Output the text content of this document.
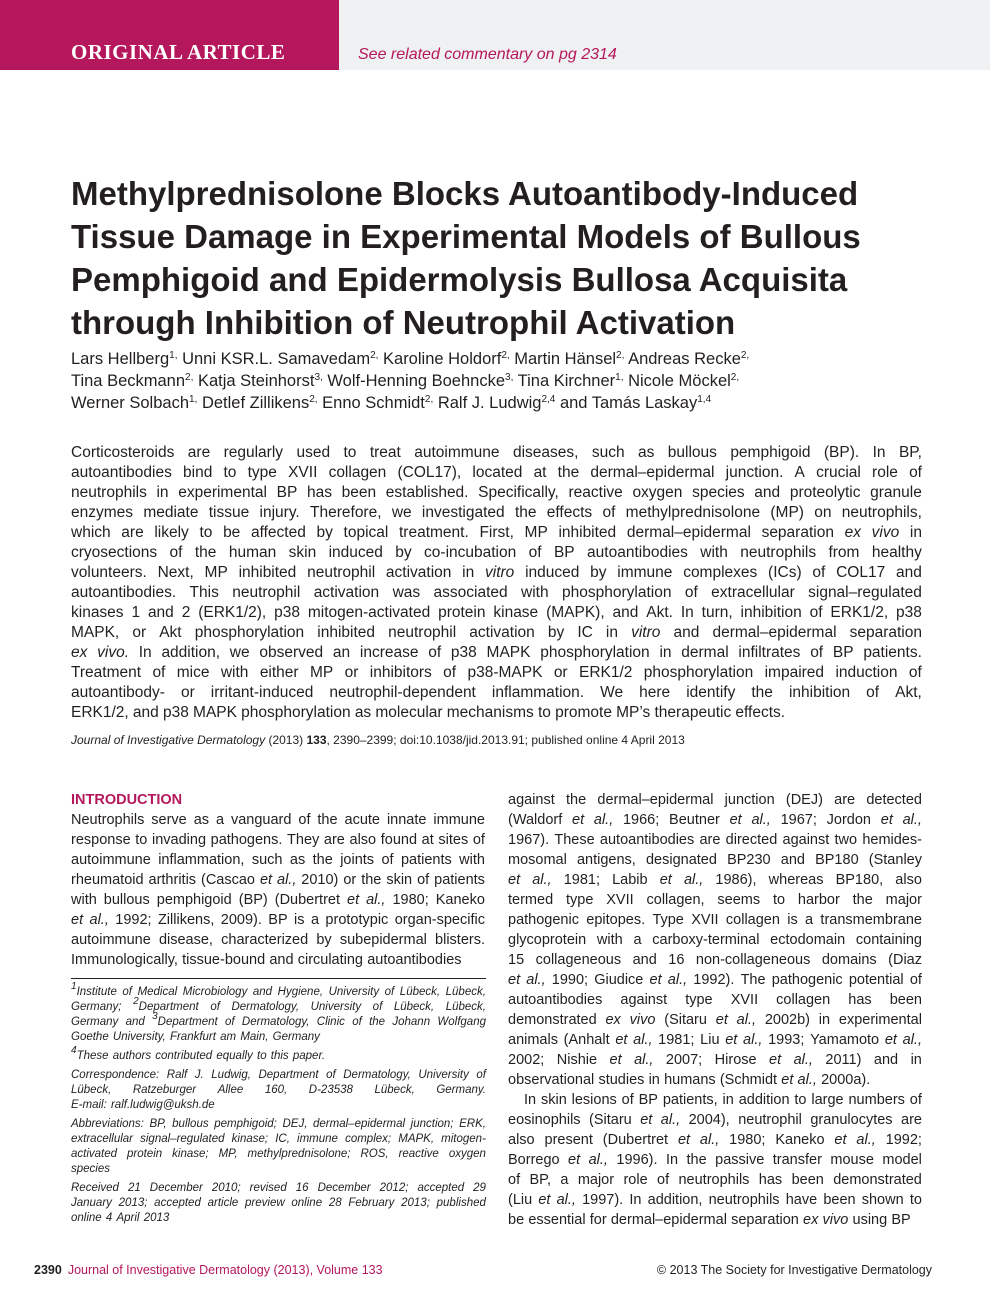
ORIGINAL ARTICLE	See related commentary on pg 2314
Methylprednisolone Blocks Autoantibody-Induced
Tissue Damage in Experimental Models of Bullous
Pemphigoid and Epidermolysis Bullosa Acquisita
through Inhibition of Neutrophil Activation
Lars Hellberg$^{1,}$ Unni KSR.L. Samavedam$^{2,}$ Karoline Holdorf$^{2,}$ Martin Hänsel$^{2,}$ Andreas Recke$^{2,}$
Tina Beckmann$^{2,}$ Katja Steinhorst$^{3,}$ Wolf-Henning Boehncke$^{3,}$ Tina Kirchner$^{1,}$ Nicole Möckel$^{2,}$
Werner Solbach$^{1,}$ Detlef Zillikens$^{2,}$ Enno Schmidt$^{2,}$ Ralf J. Ludwig$^{2,4}$ and Tamás Laskay$^{1,4}$
Corticosteroids are regularly used to treat autoimmune diseases, such as bullous pemphigoid (BP). In BP,
autoantibodies bind to type XVII collagen (COL17), located at the dermal–epidermal junction. A crucial role of
neutrophils in experimental BP has been established. Specifically, reactive oxygen species and proteolytic granule
enzymes mediate tissue injury. Therefore, we investigated the effects of methylprednisolone (MP) on neutrophils,
which are likely to be affected by topical treatment. First, MP inhibited dermal–epidermal separation ex vivo in
cryosections of the human skin induced by co-incubation of BP autoantibodies with neutrophils from healthy
volunteers. Next, MP inhibited neutrophil activation in vitro induced by immune complexes (ICs) of COL17 and
autoantibodies. This neutrophil activation was associated with phosphorylation of extracellular signal–regulated
kinases 1 and 2 (ERK1/2), p38 mitogen-activated protein kinase (MAPK), and Akt. In turn, inhibition of ERK1/2, p38
MAPK, or Akt phosphorylation inhibited neutrophil activation by IC in vitro and dermal–epidermal separation
ex vivo. In addition, we observed an increase of p38 MAPK phosphorylation in dermal infiltrates of BP patients.
Treatment of mice with either MP or inhibitors of p38-MAPK or ERK1/2 phosphorylation impaired induction of
autoantibody- or irritant-induced neutrophil-dependent inflammation. We here identify the inhibition of Akt,
ERK1/2, and p38 MAPK phosphorylation as molecular mechanisms to promote MP’s therapeutic effects.
Journal of Investigative Dermatology (2013) 133, 2390–2399; doi:10.1038/jid.2013.91; published online 4 April 2013
INTRODUCTION
Neutrophils serve as a vanguard of the acute innate immune
response to invading pathogens. They are also found at sites of
autoimmune inflammation, such as the joints of patients with
rheumatoid arthritis (Cascao et al., 2010) or the skin of patients
with bullous pemphigoid (BP) (Dubertret et al., 1980; Kaneko
et al., 1992; Zillikens, 2009). BP is a prototypic organ-specific
autoimmune disease, characterized by subepidermal blisters.
Immunologically, tissue-bound and circulating autoantibodies
$^1$Institute of Medical Microbiology and Hygiene, University of Lübeck, Lübeck,
Germany; $^2$Department of Dermatology, University of Lübeck, Lübeck,
Germany and $^3$Department of Dermatology, Clinic of the Johann Wolfgang
Goethe University, Frankfurt am Main, Germany
$^4$These authors contributed equally to this paper.
Correspondence: Ralf J. Ludwig, Department of Dermatology, University of
Lübeck, Ratzeburger Allee 160, D-23538 Lübeck, Germany.
E-mail: ralf.ludwig@uksh.de
Abbreviations: BP, bullous pemphigoid; DEJ, dermal–epidermal junction; ERK,
extracellular signal–regulated kinase; IC, immune complex; MAPK, mitogen-
activated protein kinase; MP, methylprednisolone; ROS, reactive oxygen
species
Received 21 December 2010; revised 16 December 2012; accepted 29
January 2013; accepted article preview online 28 February 2013; published
online 4 April 2013
against the dermal–epidermal junction (DEJ) are detected
(Waldorf et al., 1966; Beutner et al., 1967; Jordon et al.,
1967). These autoantibodies are directed against two hemides-
mosomal antigens, designated BP230 and BP180 (Stanley
et al., 1981; Labib et al., 1986), whereas BP180, also
termed type XVII collagen, seems to harbor the major
pathogenic epitopes. Type XVII collagen is a transmembrane
glycoprotein with a carboxy-terminal ectodomain containing
15 collageneous and 16 non-collageneous domains (Diaz
et al., 1990; Giudice et al., 1992). The pathogenic potential of
autoantibodies against type XVII collagen has been
demonstrated ex vivo (Sitaru et al., 2002b) in experimental
animals (Anhalt et al., 1981; Liu et al., 1993; Yamamoto et al.,
2002; Nishie et al., 2007; Hirose et al., 2011) and in
observational studies in humans (Schmidt et al., 2000a).
In skin lesions of BP patients, in addition to large numbers of
eosinophils (Sitaru et al., 2004), neutrophil granulocytes are
also present (Dubertret et al., 1980; Kaneko et al., 1992;
Borrego et al., 1996). In the passive transfer mouse model
of BP, a major role of neutrophils has been demonstrated
(Liu et al., 1997). In addition, neutrophils have been shown to
be essential for dermal–epidermal separation ex vivo using BP
2390 Journal of Investigative Dermatology (2013), Volume 133	© 2013 The Society for Investigative Dermatology
